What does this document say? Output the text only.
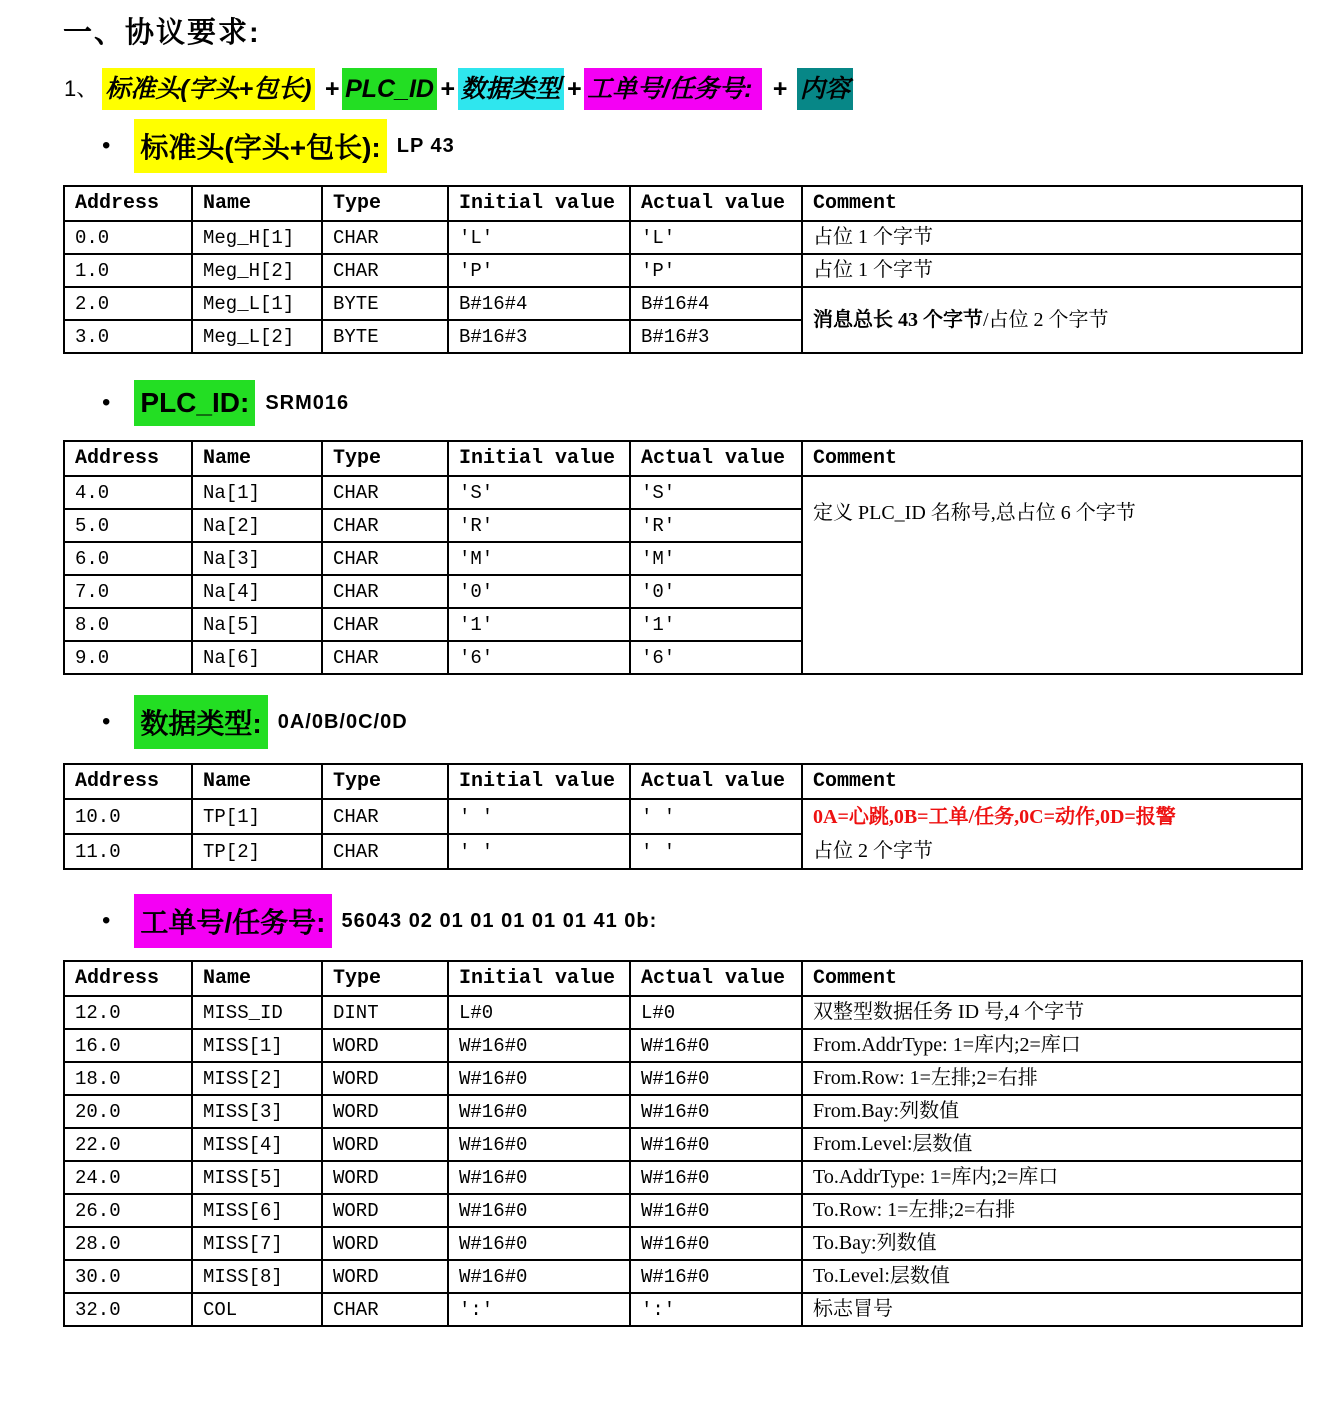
一、协议要求:
1、 标准头(字头+包长) + PLC_ID + 数据类型 + 工单号/任务号:  + 内容
• 标准头(字头+包长): LP 43
Address	Name	Type	Initial value	Actual value	Comment
0.0	Meg_H[1]	CHAR	'L'	'L'	占位 1 个字节

1.0	Meg_H[2]	CHAR	'P'	'P'	占位 1 个字节

2.0	Meg_L[1]	BYTE	B#16#4	B#16#4	消息总长 43 个字节/占位 2 个字节

3.0	Meg_L[2]	BYTE	B#16#3	B#16#3	
• PLC_ID: SRM016
Address	Name	Type	Initial value	Actual value	Comment
4.0	Na[1]	CHAR	'S'	'S'	定义 PLC_ID 名称号,总占位 6 个字节

5.0	Na[2]	CHAR	'R'	'R'	
6.0	Na[3]	CHAR	'M'	'M'	
7.0	Na[4]	CHAR	'0'	'0'	
8.0	Na[5]	CHAR	'1'	'1'	
9.0	Na[6]	CHAR	'6'	'6'	
• 数据类型: 0A/0B/0C/0D
Address	Name	Type	Initial value	Actual value	Comment
10.0	TP[1]	CHAR	' '	' '	0A=心跳,0B=工单/任务,0C=动作,0D=报警
占位 2 个字节

11.0	TP[2]	CHAR	' '	' '	
• 工单号/任务号: 56043 02 01 01 01 01 01 41 0b:
Address	Name	Type	Initial value	Actual value	Comment
12.0	MISS_ID	DINT	L#0	L#0	双整型数据任务 ID 号,4 个字节

16.0	MISS[1]	WORD	W#16#0	W#16#0	From.AddrType: 1=库内;2=库口

18.0	MISS[2]	WORD	W#16#0	W#16#0	From.Row: 1=左排;2=右排

20.0	MISS[3]	WORD	W#16#0	W#16#0	From.Bay:列数值

22.0	MISS[4]	WORD	W#16#0	W#16#0	From.Level:层数值

24.0	MISS[5]	WORD	W#16#0	W#16#0	To.AddrType: 1=库内;2=库口

26.0	MISS[6]	WORD	W#16#0	W#16#0	To.Row: 1=左排;2=右排

28.0	MISS[7]	WORD	W#16#0	W#16#0	To.Bay:列数值

30.0	MISS[8]	WORD	W#16#0	W#16#0	To.Level:层数值

32.0	COL	CHAR	':'	':'	标志冒号
